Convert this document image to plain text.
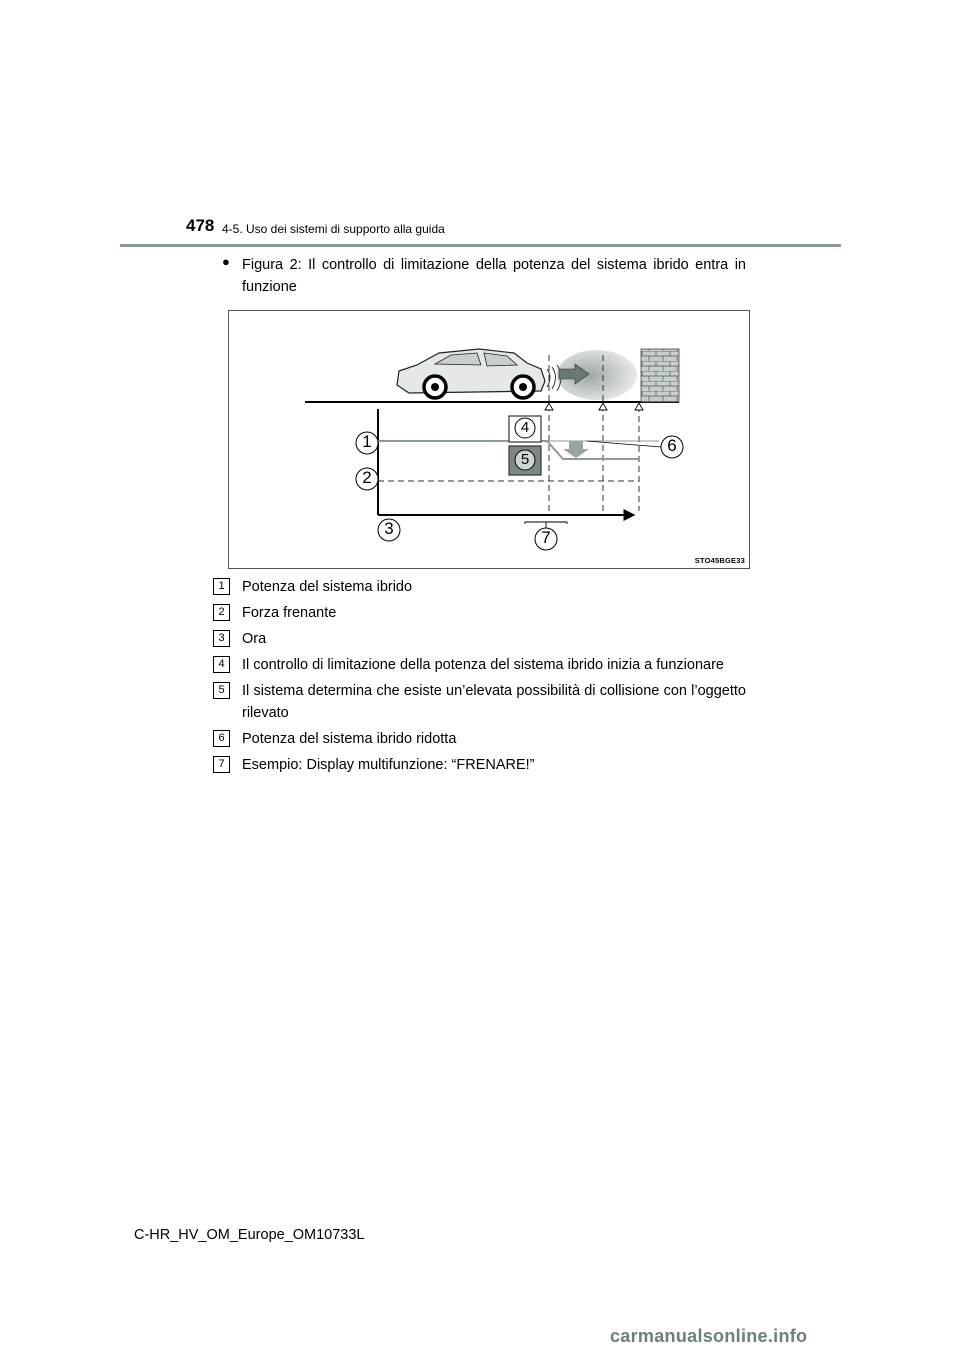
478 4-5. Uso dei sistemi di supporto alla guida
● Figura 2: Il controllo di limitazione della potenza del sistema ibrido entra in funzione
1
2
3
4
5
6
7
STO45BGE33
1	Potenza del sistema ibrido
2	Forza frenante
3	Ora
4	Il controllo di limitazione della potenza del sistema ibrido inizia a funzionare
5	Il sistema determina che esiste un’elevata possibilità di collisione con l’oggetto rilevato
6	Potenza del sistema ibrido ridotta
7	Esempio: Display multifunzione: “FRENARE!”
C-HR_HV_OM_Europe_OM10733L
carmanualsonline.info
